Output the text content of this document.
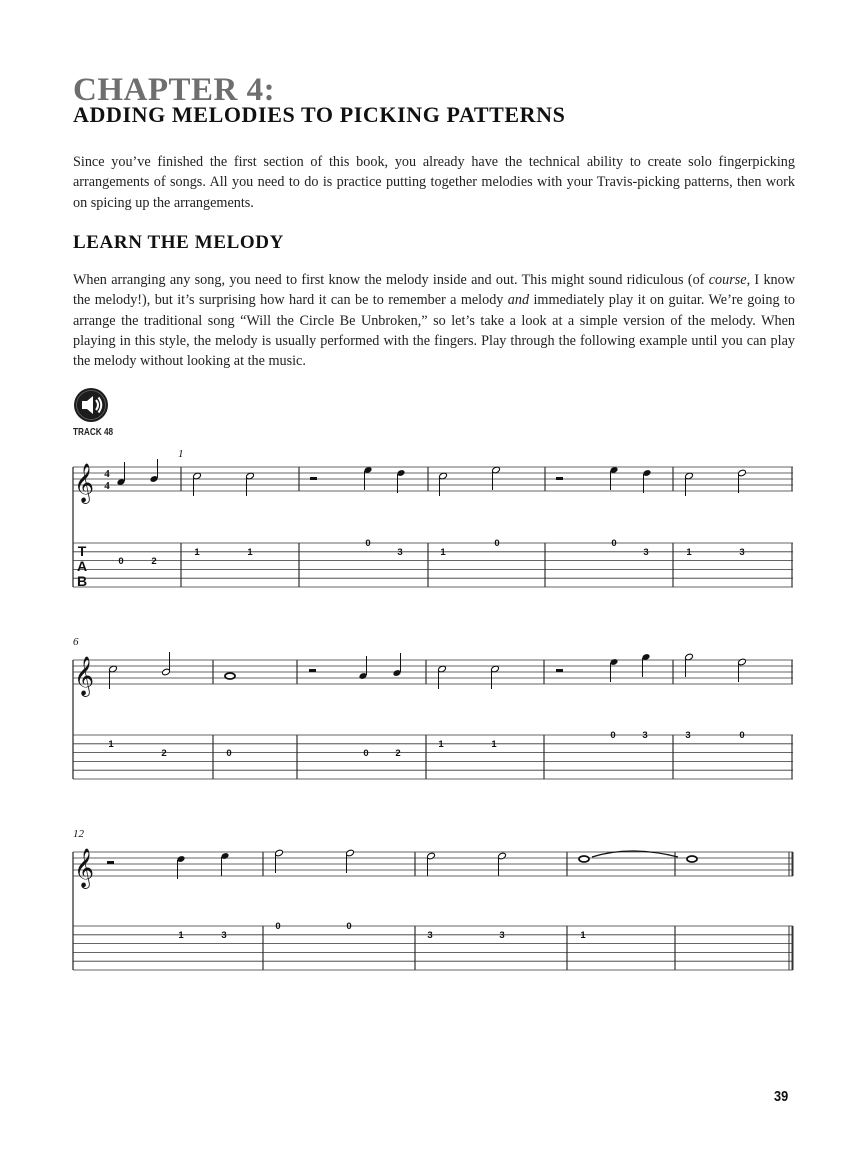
CHAPTER 4:
ADDING MELODIES TO PICKING PATTERNS

Since you’ve finished the first section of this book, you already have the technical ability to create solo fingerpicking arrangements of songs. All you need to do is practice putting together melodies with your Travis-picking patterns, then work on spicing up the arrangements.

LEARN THE MELODY

When arranging any song, you need to first know the melody inside and out. This might sound ridiculous (of course, I know the melody!), but it’s surprising how hard it can be to remember a melody and immediately play it on guitar. We’re going to arrange the traditional song “Will the Circle Be Unbroken,” so let’s take a look at a simple version of the melody. When playing in this style, the melody is usually performed with the fingers. Play through the following example until you can play the melody without looking at the music.

TRACK 48
𝄞 4
4
1
T
A
B
0	2
1	1
0
3	1
0	0
3	1	3
𝄞
6
1
2	0	0	2
1	1
0	3	3	0
𝄞
12
1	3
0	0
3	3	1
39
